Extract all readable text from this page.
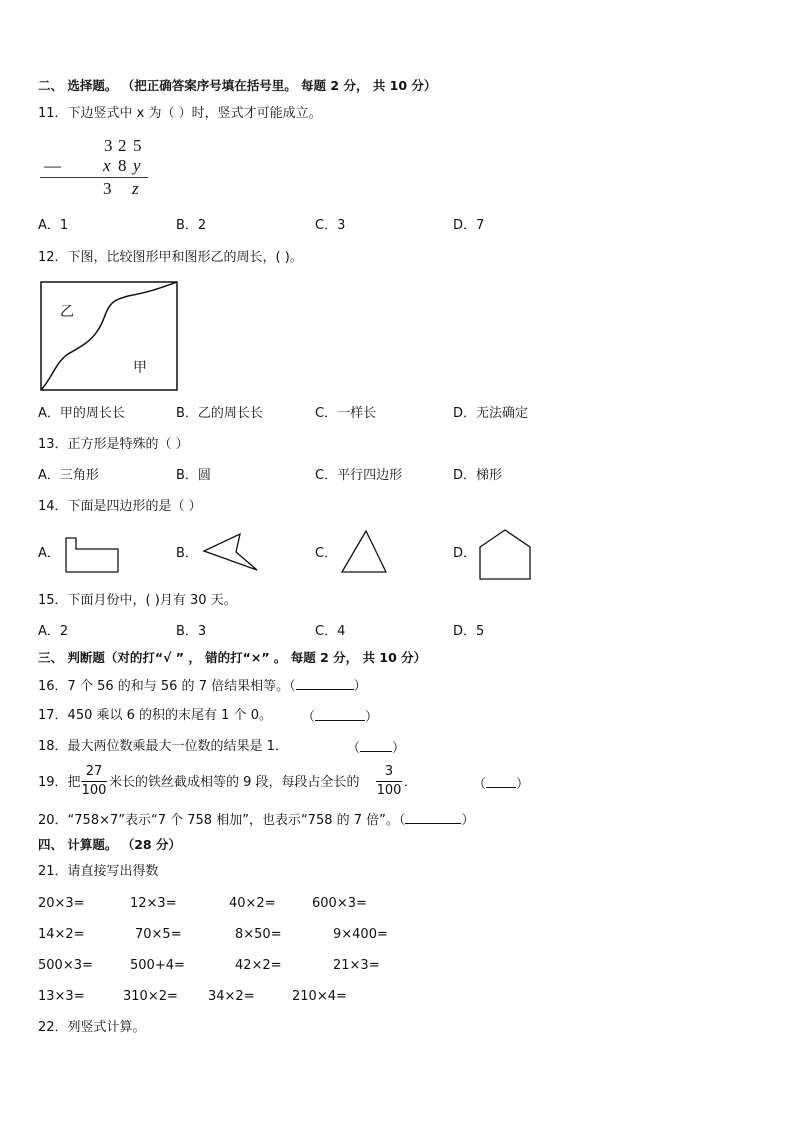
二、 选择题。 （把正确答案序号填在括号里。 每题 2 分， 共 10 分）
11．下边竖式中 x 为（ ）时，竖式才可能成立。
3 2 5
— x 8 y
3 z
A．1	B．2	C．3	D．7
12．下图，比较图形甲和图形乙的周长，( )。
乙
甲
A．甲的周长长	B．乙的周长长	C．一样长	D．无法确定
13．正方形是特殊的（ ）
A．三角形	B．圆	C．平行四边形	D．梯形
14．下面是四边形的是（ ）
A．	B．	C．	D．
15．下面月份中，( )月有 30 天。
A．2	B．3	C．4	D．5
三、 判断题（对的打“√ ” ， 错的打“×” 。 每题 2 分， 共 10 分）
16．7 个 56 的和与 56 的 7 倍结果相等。（	）
17．450 乘以 6 的积的末尾有 1 个 0。 （	）
18．最大两位数乘最大一位数的结果是 1．	（ ）
19．把
27
100
米长的铁丝截成相等的 9 段，每段占全长的
3
100
．	（ ）
20．“758×7”表示“7 个 758 相加”，也表示“758 的 7 倍”。（	）
四、 计算题。 （28 分）
21．请直接写出得数
20×3=	12×3=	40×2=	600×3=
14×2=	70×5=	8×50=	9×400=
500×3=	500+4=	42×2=	21×3=
13×3=	310×2= 34×2=	210×4=
22．列竖式计算。
